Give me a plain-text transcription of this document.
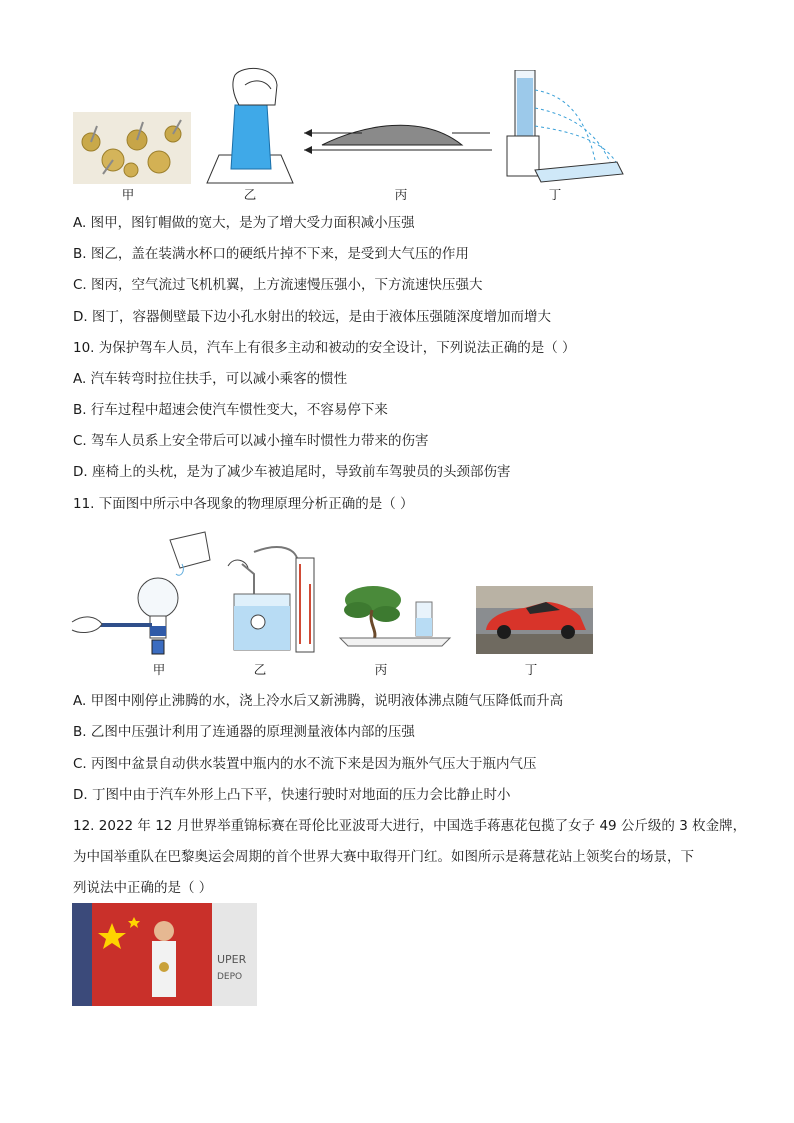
甲	乙	丙	丁
A. 图甲，图钉帽做的宽大，是为了增大受力面积减小压强
B. 图乙，盖在装满水杯口的硬纸片掉不下来，是受到大气压的作用
C. 图丙，空气流过飞机机翼，上方流速慢压强小，下方流速快压强大
D. 图丁，容器侧壁最下边小孔水射出的较远，是由于液体压强随深度增加而增大
10. 为保护驾车人员，汽车上有很多主动和被动的安全设计，下列说法正确的是（ ）
A. 汽车转弯时拉住扶手，可以减小乘客的惯性
B. 行车过程中超速会使汽车惯性变大，不容易停下来
C. 驾车人员系上安全带后可以减小撞车时惯性力带来的伤害
D. 座椅上的头枕，是为了减少车被追尾时，导致前车驾驶员的头颈部伤害
11. 下面图中所示中各现象的物理原理分析正确的是（ ）
甲	乙	丙	丁
A. 甲图中刚停止沸腾的水，浇上冷水后又新沸腾，说明液体沸点随气压降低而升高
B. 乙图中压强计利用了连通器的原理测量液体内部的压强
C. 丙图中盆景自动供水装置中瓶内的水不流下来是因为瓶外气压大于瓶内气压
D. 丁图中由于汽车外形上凸下平，快速行驶时对地面的压力会比静止时小
12. 2022 年 12 月世界举重锦标赛在哥伦比亚波哥大进行，中国选手蒋惠花包揽了女子 49 公斤级的 3 枚金牌，
为中国举重队在巴黎奥运会周期的首个世界大赛中取得开门红。如图所示是蒋慧花站上领奖台的场景，下
列说法中正确的是（ ）
UPER
DEPO
